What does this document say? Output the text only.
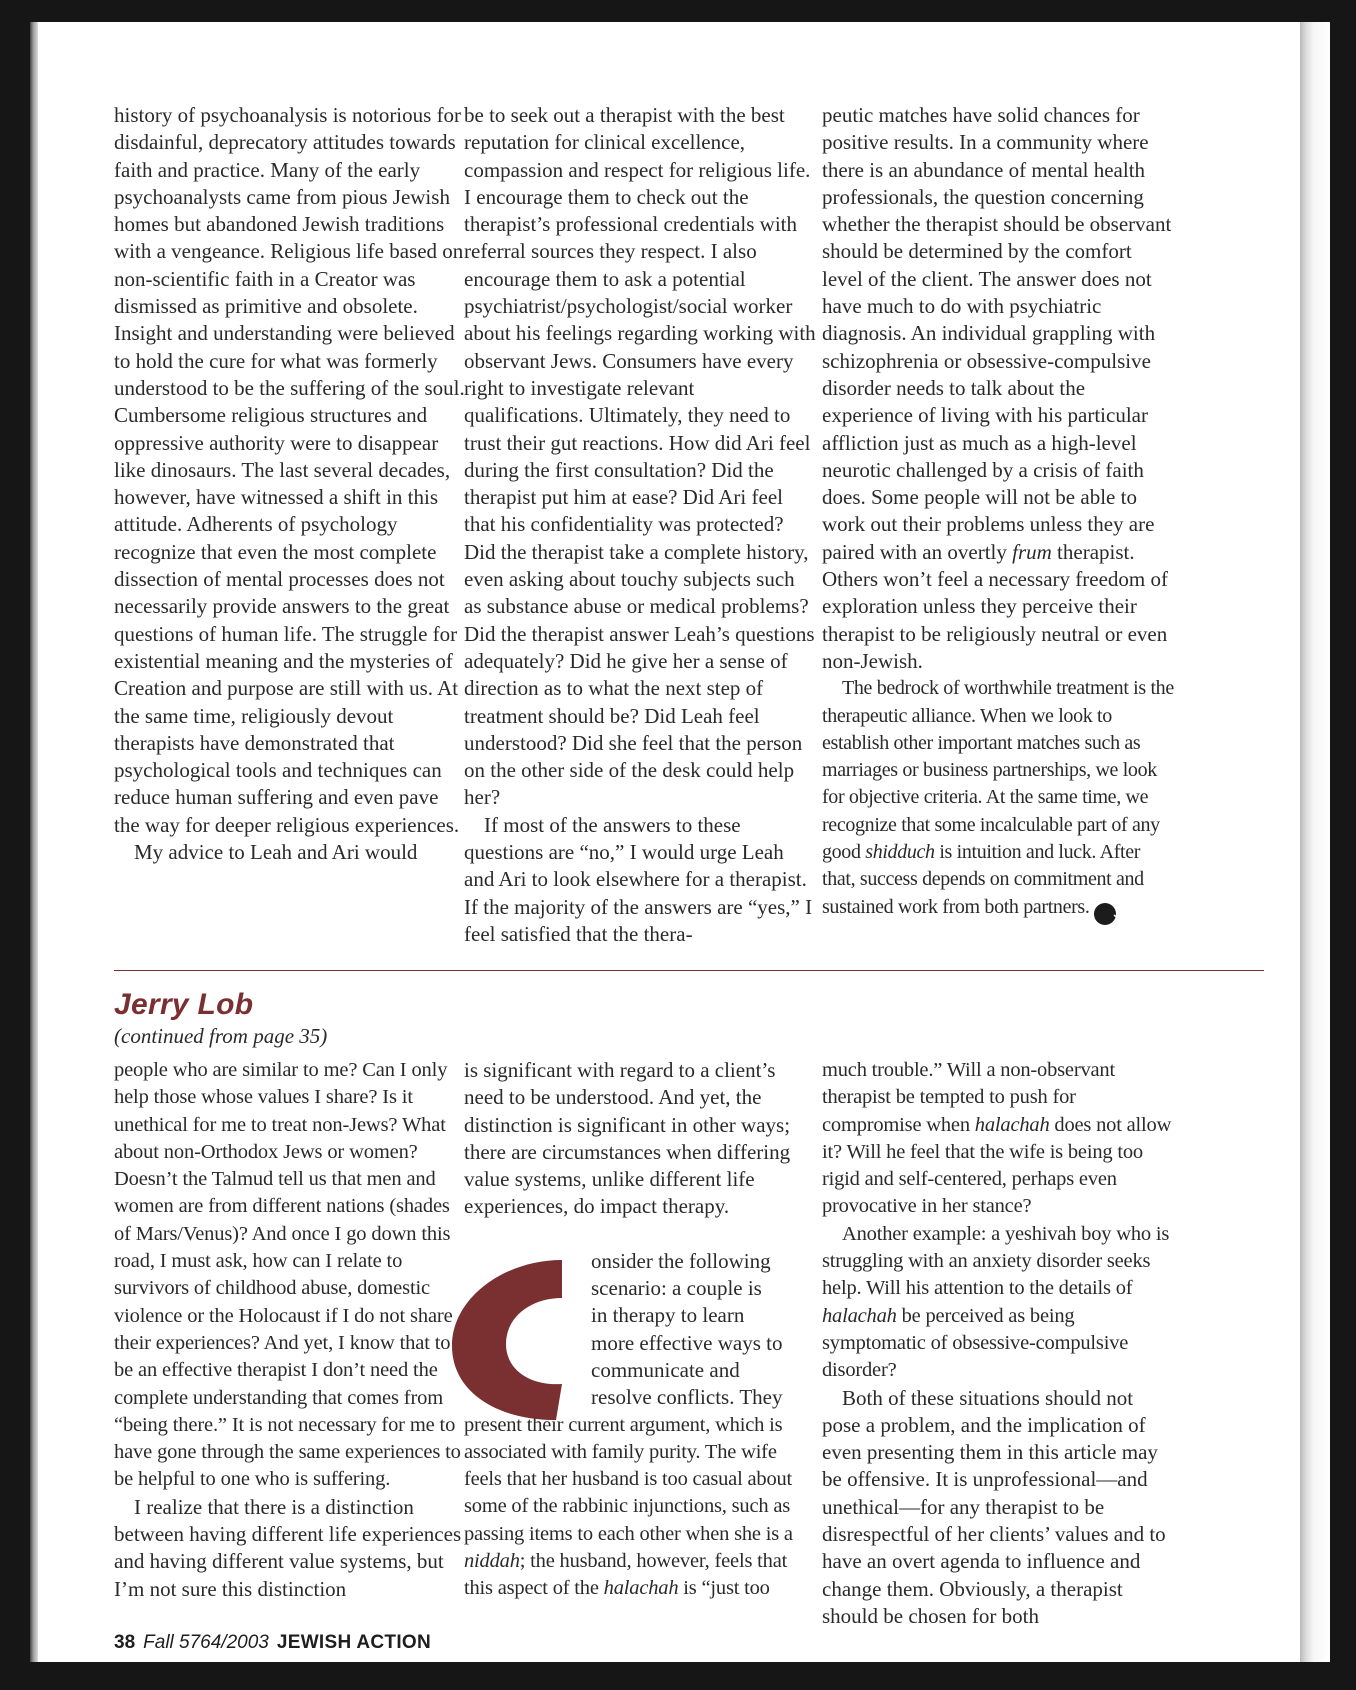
history of psychoanalysis is notorious for disdainful, deprecatory attitudes towards faith and practice. Many of the early psychoanalysts came from pious Jewish homes but abandoned Jewish traditions with a vengeance. Religious life based on non-scientific faith in a Creator was dismissed as primitive and obsolete. Insight and understanding were believed to hold the cure for what was formerly understood to be the suffering of the soul. Cumbersome religious structures and oppressive authority were to disappear like dinosaurs. The last several decades, however, have witnessed a shift in this attitude. Adherents of psychology recognize that even the most complete dissection of mental processes does not necessarily provide answers to the great questions of human life. The struggle for existential meaning and the mysteries of Creation and purpose are still with us. At the same time, religiously devout therapists have demonstrated that psychological tools and techniques can reduce human suffering and even pave the way for deeper religious experiences.

My advice to Leah and Ari would

be to seek out a therapist with the best reputation for clinical excellence, compassion and respect for religious life. I encourage them to check out the therapist’s professional credentials with referral sources they respect. I also encourage them to ask a potential psychiatrist/psychologist/social worker about his feelings regarding working with observant Jews. Consumers have every right to investigate relevant qualifications. Ultimately, they need to trust their gut reactions. How did Ari feel during the first consultation? Did the therapist put him at ease? Did Ari feel that his confidentiality was protected? Did the therapist take a complete history, even asking about touchy subjects such as substance abuse or medical problems? Did the therapist answer Leah’s questions adequately? Did he give her a sense of direction as to what the next step of treatment should be? Did Leah feel understood? Did she feel that the person on the other side of the desk could help her?

If most of the answers to these questions are “no,” I would urge Leah and Ari to look elsewhere for a therapist. If the majority of the answers are “yes,” I feel satisfied that the thera-

peutic matches have solid chances for positive results. In a community where there is an abundance of mental health professionals, the question concerning whether the therapist should be observant should be determined by the comfort level of the client. The answer does not have much to do with psychiatric diagnosis. An individual grappling with schizophrenia or obsessive-compulsive disorder needs to talk about the experience of living with his particular affliction just as much as a high-level neurotic challenged by a crisis of faith does. Some people will not be able to work out their problems unless they are paired with an overtly frum therapist. Others won’t feel a necessary freedom of exploration unless they perceive their therapist to be religiously neutral or even non-Jewish.

The bedrock of worthwhile treatment is the therapeutic alliance. When we look to establish other important matches such as marriages or business partnerships, we look for objective criteria. At the same time, we recognize that some incalculable part of any good shidduch is intuition and luck. After that, success depends on commitment and sustained work from both partners. JA

Jerry Lob
(continued from page 35)

people who are similar to me? Can I only help those whose values I share? Is it unethical for me to treat non-Jews? What about non-Orthodox Jews or women? Doesn’t the Talmud tell us that men and women are from different nations (shades of Mars/Venus)? And once I go down this road, I must ask, how can I relate to survivors of childhood abuse, domestic violence or the Holocaust if I do not share their experiences? And yet, I know that to be an effective therapist I don’t need the complete understanding that comes from “being there.” It is not necessary for me to have gone through the same experiences to be helpful to one who is suffering.

I realize that there is a distinction between having different life experiences and having different value systems, but I’m not sure this distinction

is significant with regard to a client’s need to be understood. And yet, the distinction is significant in other ways; there are circumstances when differing value systems, unlike different life experiences, do impact therapy.

onsider the following
scenario: a couple is
in therapy to learn
more effective ways to
communicate and
resolve conflicts. They

present their current argument, which is associated with family purity. The wife feels that her husband is too casual about some of the rabbinic injunctions, such as passing items to each other when she is a niddah; the husband, however, feels that this aspect of the halachah is “just too

much trouble.” Will a non-observant therapist be tempted to push for compromise when halachah does not allow it? Will he feel that the wife is being too rigid and self-centered, perhaps even provocative in her stance?

Another example: a yeshivah boy who is struggling with an anxiety disorder seeks help. Will his attention to the details of halachah be perceived as being symptomatic of obsessive-compulsive disorder?

Both of these situations should not pose a problem, and the implication of even presenting them in this article may be offensive. It is unprofessional—and unethical—for any therapist to be disrespectful of her clients’ values and to have an overt agenda to influence and change them. Obviously, a therapist should be chosen for both

38 Fall 5764/2003 JEWISH ACTION
